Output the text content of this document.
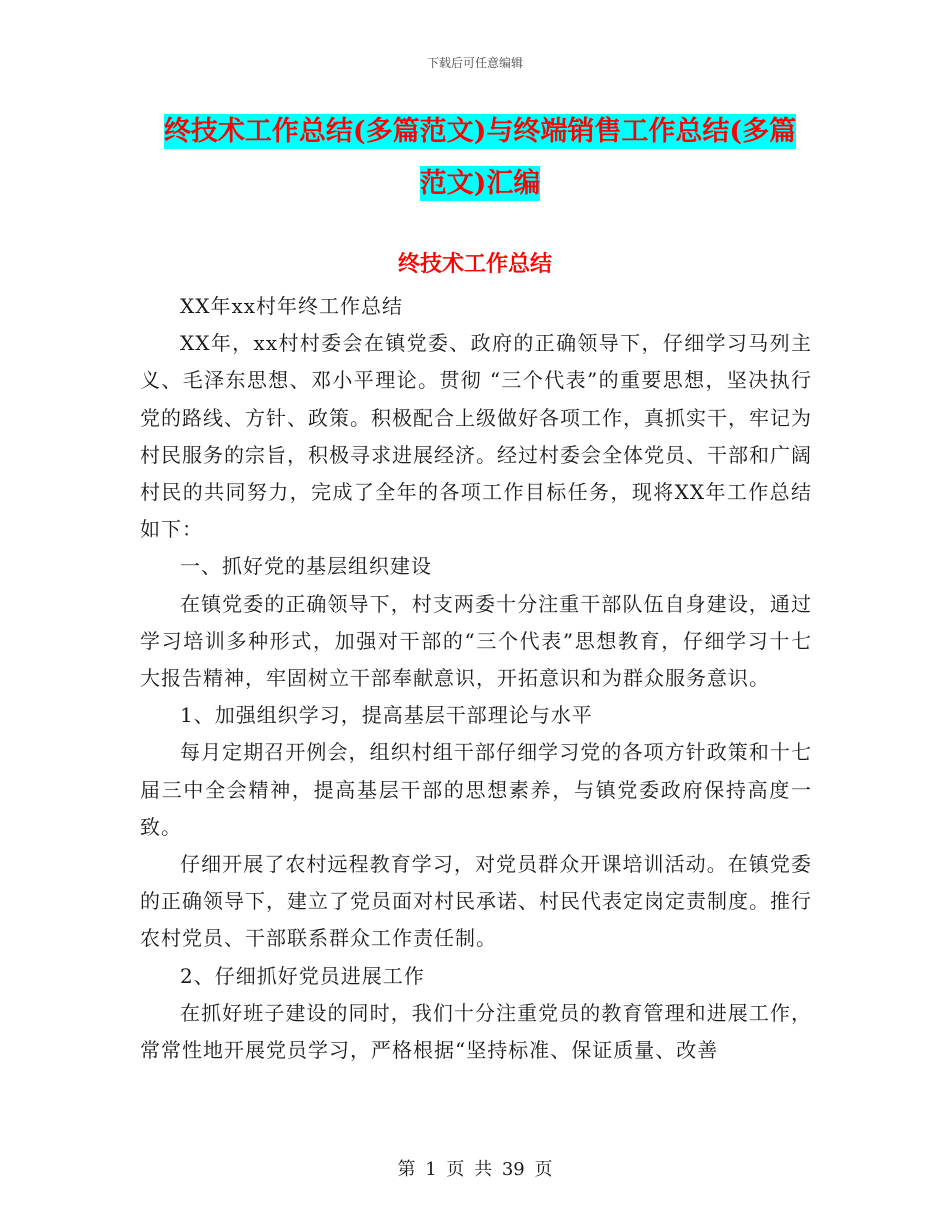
下载后可任意编辑
终技术工作总结(多篇范文)与终端销售工作总结(多篇
范文)汇编
终技术工作总结

XX年xx村年终工作总结

XX年，xx村村委会在镇党委、政府的正确领导下，仔细学习马列主义、毛泽东思想、邓小平理论。贯彻 “三个代表”的重要思想，坚决执行党的路线、方针、政策。积极配合上级做好各项工作，真抓实干，牢记为村民服务的宗旨，积极寻求进展经济。经过村委会全体党员、干部和广阔村民的共同努力，完成了全年的各项工作目标任务，现将XX年工作总结如下：

一、抓好党的基层组织建设

在镇党委的正确领导下，村支两委十分注重干部队伍自身建设，通过学习培训多种形式，加强对干部的“三个代表”思想教育，仔细学习十七大报告精神，牢固树立干部奉献意识，开拓意识和为群众服务意识。

1、加强组织学习，提高基层干部理论与水平

每月定期召开例会，组织村组干部仔细学习党的各项方针政策和十七届三中全会精神，提高基层干部的思想素养，与镇党委政府保持高度一致。

仔细开展了农村远程教育学习，对党员群众开课培训活动。在镇党委的正确领导下，建立了党员面对村民承诺、村民代表定岗定责制度。推行农村党员、干部联系群众工作责任制。

2、仔细抓好党员进展工作

在抓好班子建设的同时，我们十分注重党员的教育管理和进展工作，常常性地开展党员学习，严格根据“坚持标准、保证质量、改善

第 1 页 共 39 页
